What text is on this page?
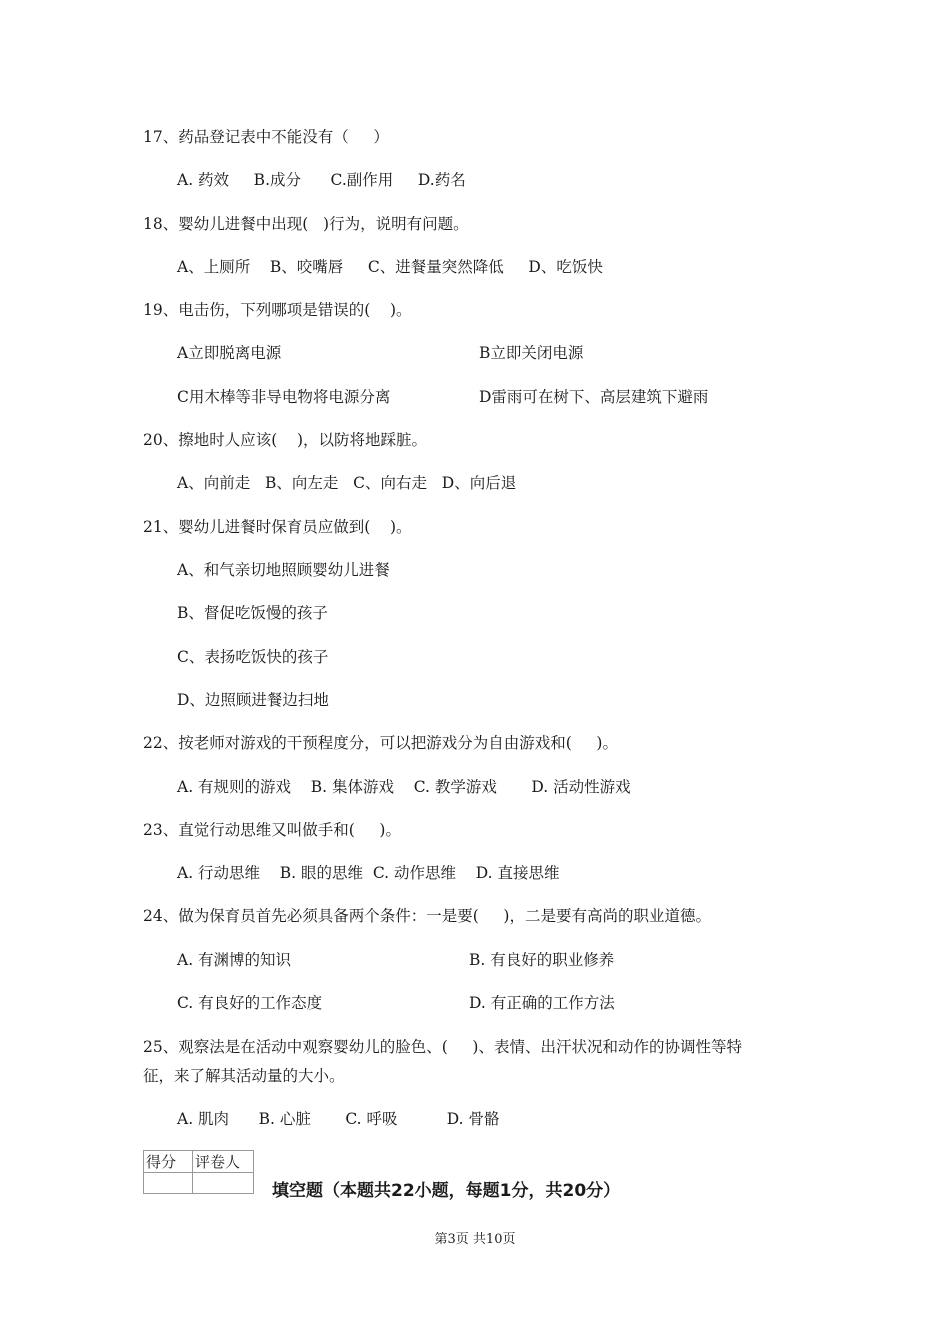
17、药品登记表中不能没有（     ）
A. 药效     B.成分      C.副作用     D.药名
18、婴幼儿进餐中出现(   )行为，说明有问题。
A、上厕所    B、咬嘴唇     C、进餐量突然降低     D、吃饭快
19、电击伤，下列哪项是错误的(    )。
A立即脱离电源	B立即关闭电源
C用木棒等非导电物将电源分离	D雷雨可在树下、高层建筑下避雨
20、擦地时人应该(    )，以防将地踩脏。
A、向前走   B、向左走   C、向右走   D、向后退
21、婴幼儿进餐时保育员应做到(    )。
A、和气亲切地照顾婴幼儿进餐
B、督促吃饭慢的孩子
C、表扬吃饭快的孩子
D、边照顾进餐边扫地
22、按老师对游戏的干预程度分，可以把游戏分为自由游戏和(     )。
A. 有规则的游戏    B. 集体游戏    C. 教学游戏       D. 活动性游戏
23、直觉行动思维又叫做手和(     )。
A. 行动思维    B. 眼的思维  C. 动作思维    D. 直接思维
24、做为保育员首先必须具备两个条件：一是要(     )，二是要有高尚的职业道德。
A. 有渊博的知识	B. 有良好的职业修养
C. 有良好的工作态度	D. 有正确的工作方法
25、观察法是在活动中观察婴幼儿的脸色、(     )、表情、出汗状况和动作的协调性等特
征，来了解其活动量的大小。
A. 肌肉      B. 心脏       C. 呼吸          D. 骨骼
得分	评卷人

填空题（本题共22小题，每题1分，共20分）
第3页 共10页
